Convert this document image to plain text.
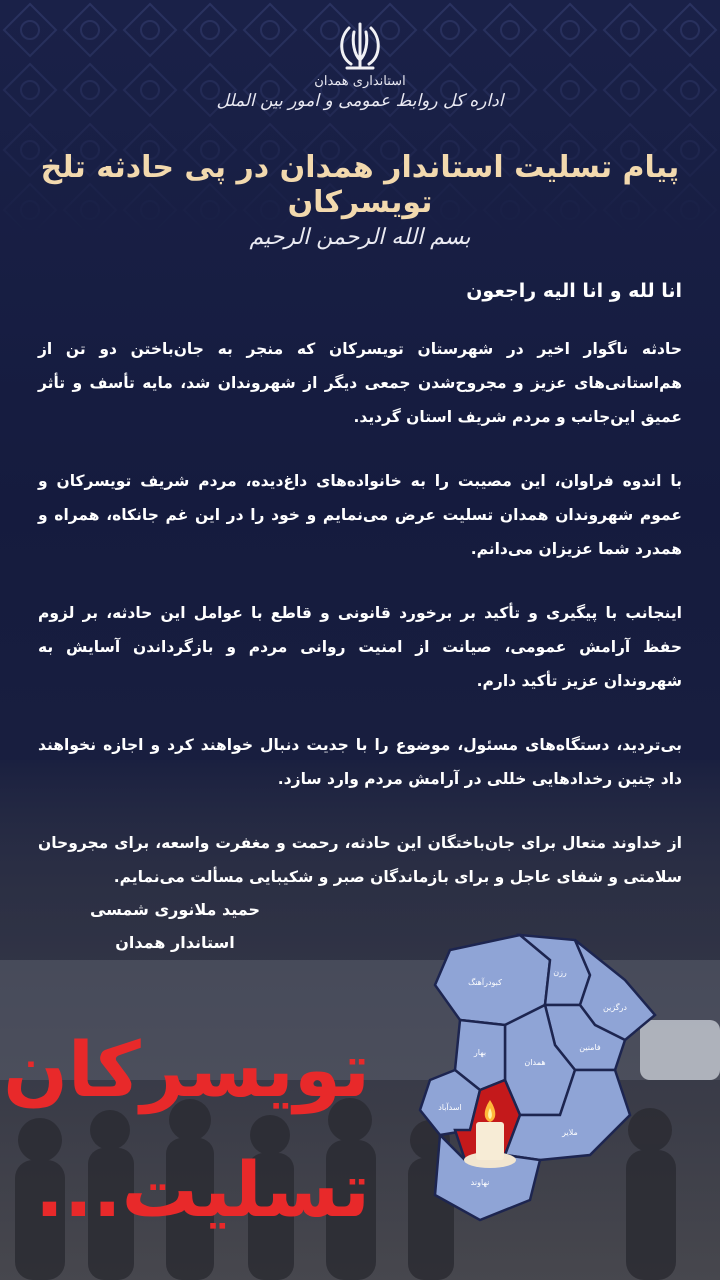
استانداری همدان
اداره کل روابط عمومی و امور بین الملل
پیام تسلیت استاندار همدان در پی حادثه تلخ تویسرکان
بسم الله الرحمن الرحیم
انا لله و انا الیه راجعون

حادثه ناگوار اخیر در شهرستان تویسرکان که منجر به جان‌باختن دو تن از هم‌استانی‌های عزیز و مجروح‌شدن جمعی دیگر از شهروندان شد، مایه تأسف و تأثر عمیق این‌جانب و مردم شریف استان گردید.

با اندوه فراوان، این مصیبت را به خانواده‌های داغ‌دیده، مردم شریف تویسرکان و عموم شهروندان همدان تسلیت عرض می‌نمایم و خود را در این غم جانکاه، همراه و همدرد شما عزیزان می‌دانم.

اینجانب با پیگیری و تأکید بر برخورد قانونی و قاطع با عوامل این حادثه، بر لزوم حفظ آرامش عمومی، صیانت از امنیت روانی مردم و بازگرداندن آسایش به شهروندان عزیز تأکید دارم.

بی‌تردید، دستگاه‌های مسئول، موضوع را با جدیت دنبال خواهند کرد و اجازه نخواهند داد چنین رخدادهایی خللی در آرامش مردم وارد سازد.

از خداوند متعال برای جان‌باختگان این حادثه، رحمت و مغفرت واسعه، برای مجروحان سلامتی و شفای عاجل و برای بازماندگان صبر و شکیبایی مسألت می‌نمایم.

حمید ملانوری شمسی
استاندار همدان
تویسرکان
تسلیت...
کبودرآهنگ
رزن
درگزین
فامنین
همدان
بهار
اسدآباد
ملایر
نهاوند
